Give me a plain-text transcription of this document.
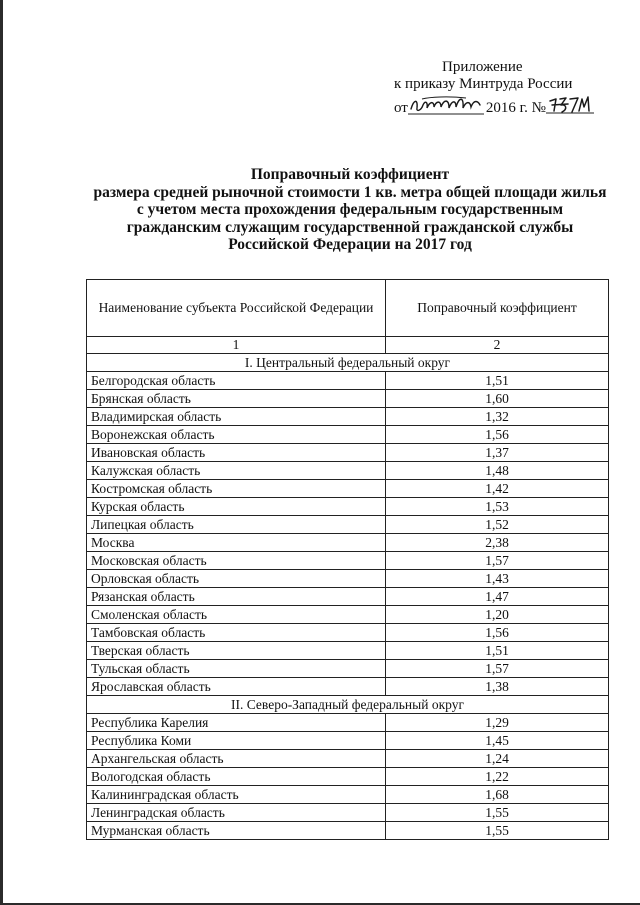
Приложение
к приказу Минтруда России
от	2016 г. №
Поправочный коэффициент
размера средней рыночной стоимости 1 кв. метра общей площади жилья
с учетом места прохождения федеральным государственным
гражданским служащим государственной гражданской службы
Российской Федерации на 2017 год
Наименование субъекта Российской Федерации	Поправочный коэффициент
1	2
I. Центральный федеральный округ	
Белгородская область	1,51
Брянская область	1,60
Владимирская область	1,32
Воронежская область	1,56
Ивановская область	1,37
Калужская область	1,48
Костромская область	1,42
Курская область	1,53
Липецкая область	1,52
Москва	2,38
Московская область	1,57
Орловская область	1,43
Рязанская область	1,47
Смоленская область	1,20
Тамбовская область	1,56
Тверская область	1,51
Тульская область	1,57
Ярославская область	1,38
II. Северо-Западный федеральный округ	
Республика Карелия	1,29
Республика Коми	1,45
Архангельская область	1,24
Вологодская область	1,22
Калининградская область	1,68
Ленинградская область	1,55
Мурманская область	1,55
